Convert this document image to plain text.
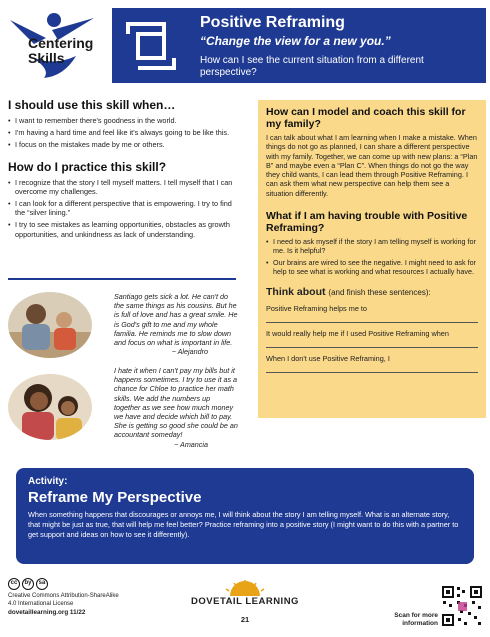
Centering
Skills
Positive Reframing
“Change the view for a new you.”
How can I see the current situation from a different perspective?
I should use this skill when…
• I want to remember there's goodness in the world.
• I'm having a hard time and feel like it's always going to be like this.
• I focus on the mistakes made by me or others.
How do I practice this skill?
• I recognize that the story I tell myself matters. I tell myself that I can overcome my challenges.
• I can look for a different perspective that is empowering. I try to find the “silver lining.”
• I try to see mistakes as learning opportunities, obstacles as growth opportunities, and unkindness as lack of understanding.
Santiago gets sick a lot. He can't do the same things as his cousins. But he is full of love and has a great smile. He is God's gift to me and my whole familia. He reminds me to slow down and focus on what is important in life.
~ Alejandro
I hate it when I can't pay my bills but it happens sometimes. I try to use it as a chance for Chloe to practice her math skills. We add the numbers up together as we see how much money we have and decide which bill to pay. She is getting so good she could be an accountant someday!
~ Amancia
How can I model and coach this skill for my family?

I can talk about what I am learning when I make a mistake. When things do not go as planned, I can share a different perspective with my family. Together, we can come up with new plans: a “Plan B” and maybe even a “Plan C”. When things do not go the way they child wants, I can lead them through Positive Reframing. I can ask them what new perspective can help them see a situation differently.

What if I am having trouble with Positive Reframing?
• I need to ask myself if the story I am telling myself is working for me. Is it helpful?
• Our brains are wired to see the negative. I might need to ask for help to see what is working and what resources I actually have.
Think about (and finish these sentences):
Positive Reframing helps me to
It would really help me if I used Positive Reframing when
When I don't use Positive Reframing, I
Activity:
Reframe My Perspective
When something happens that discourages or annoys me, I will think about the story I am telling myself. What is an alternate story, that might be just as true, that will help me feel better? Practice reframing into a positive story (I might want to do this with a partner to get support and ideas on how to see it differently).
cc	by	sa
Creative Commons Attribution-ShareAlike
4.0 International License
dovetaillearning.org 11/22
DOVETAIL LEARNING
21	Scan for more
information
